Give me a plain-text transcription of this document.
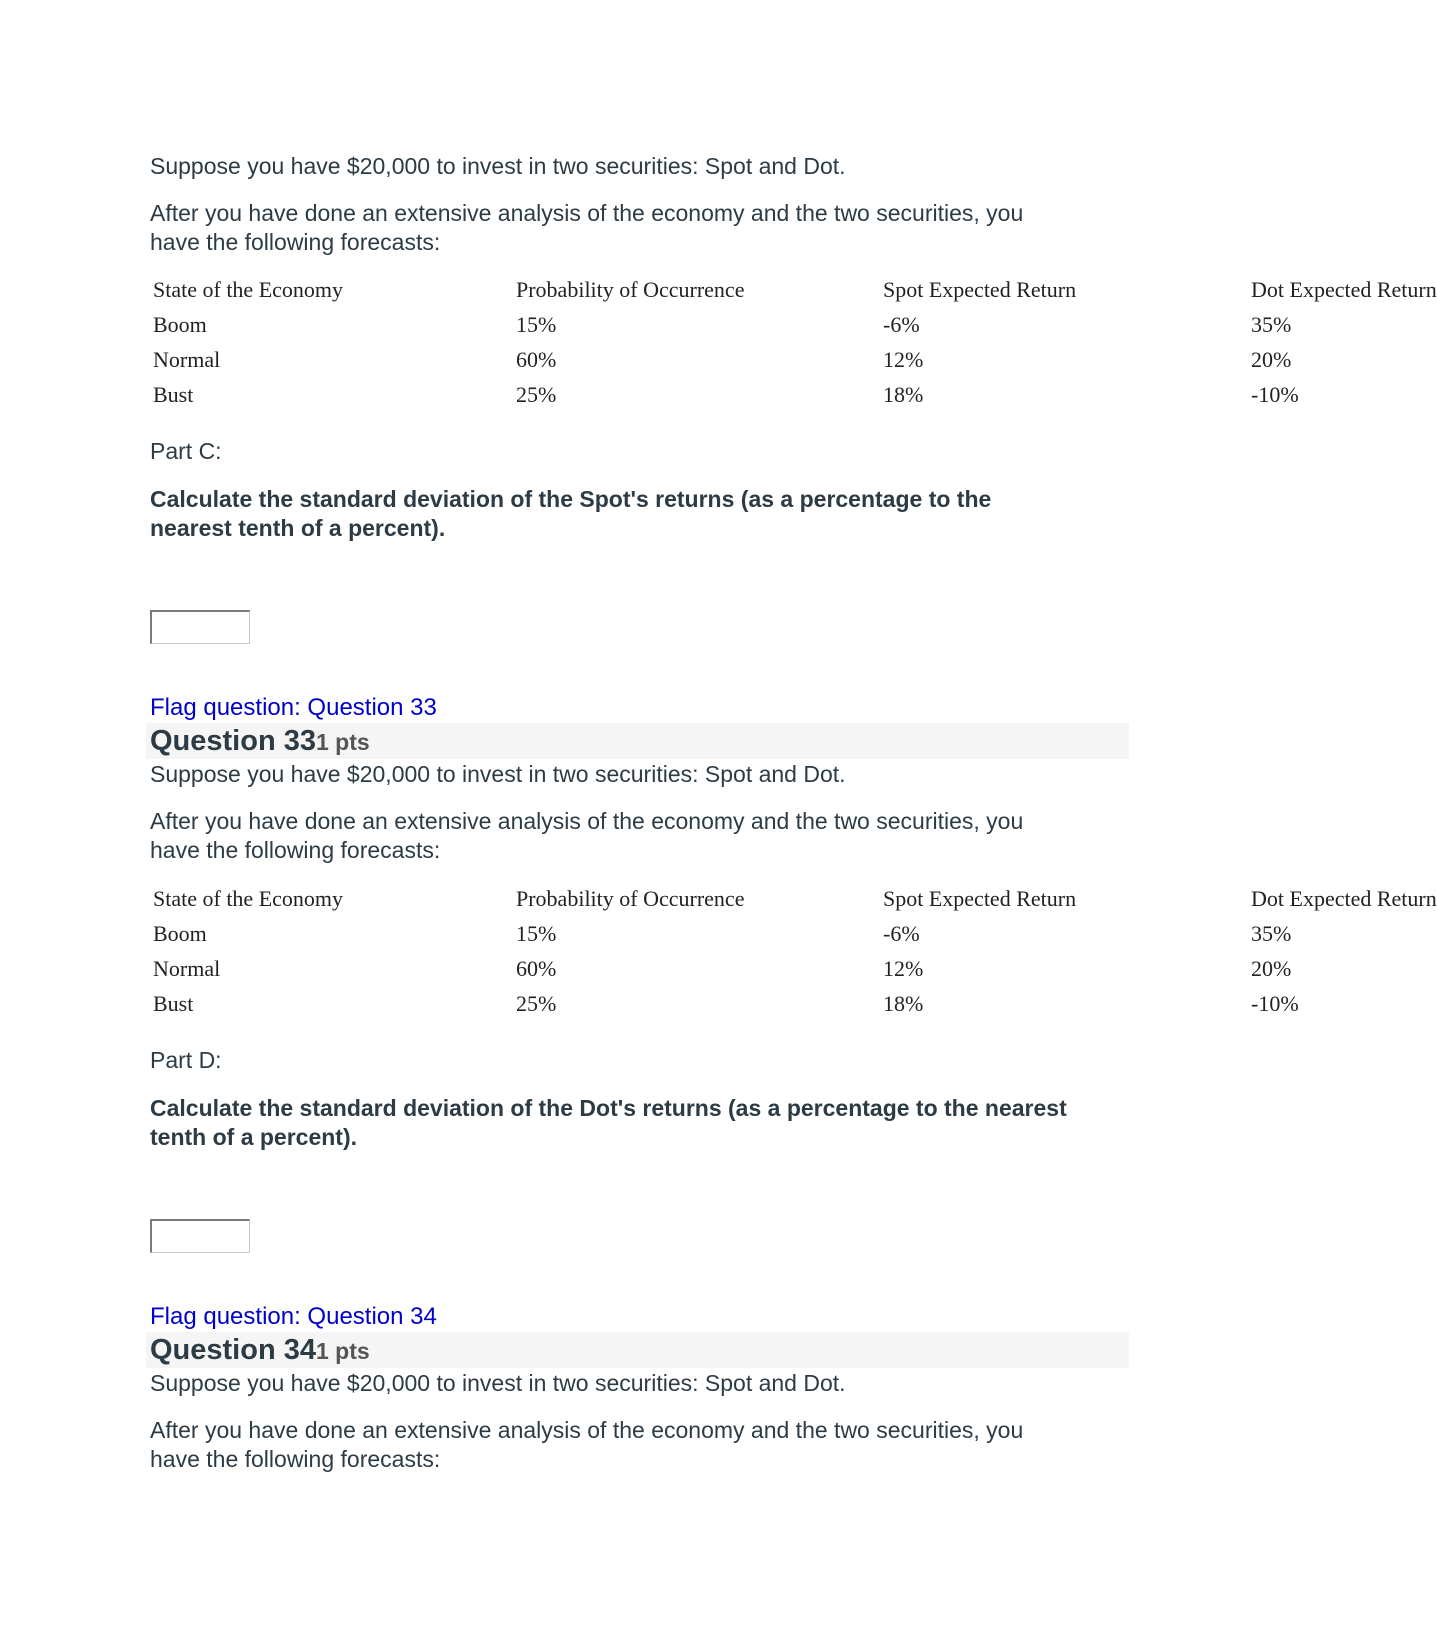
Suppose you have $20,000 to invest in two securities: Spot and Dot.

After you have done an extensive analysis of the economy and the two securities, you have the following forecasts:

State of the Economy	Probability of Occurrence	Spot Expected Return	Dot Expected Return
Boom	15%	-6%	35%
Normal	60%	12%	20%
Bust	25%	18%	-10%

Part C:

Calculate the standard deviation of the Spot's returns (as a percentage to the nearest tenth of a percent).

Flag question: Question 33
Question 331 pts

Suppose you have $20,000 to invest in two securities: Spot and Dot.

After you have done an extensive analysis of the economy and the two securities, you have the following forecasts:

State of the Economy	Probability of Occurrence	Spot Expected Return	Dot Expected Return
Boom	15%	-6%	35%
Normal	60%	12%	20%
Bust	25%	18%	-10%

Part D:

Calculate the standard deviation of the Dot's returns (as a percentage to the nearest tenth of a percent).

Flag question: Question 34
Question 341 pts

Suppose you have $20,000 to invest in two securities: Spot and Dot.

After you have done an extensive analysis of the economy and the two securities, you have the following forecasts:
